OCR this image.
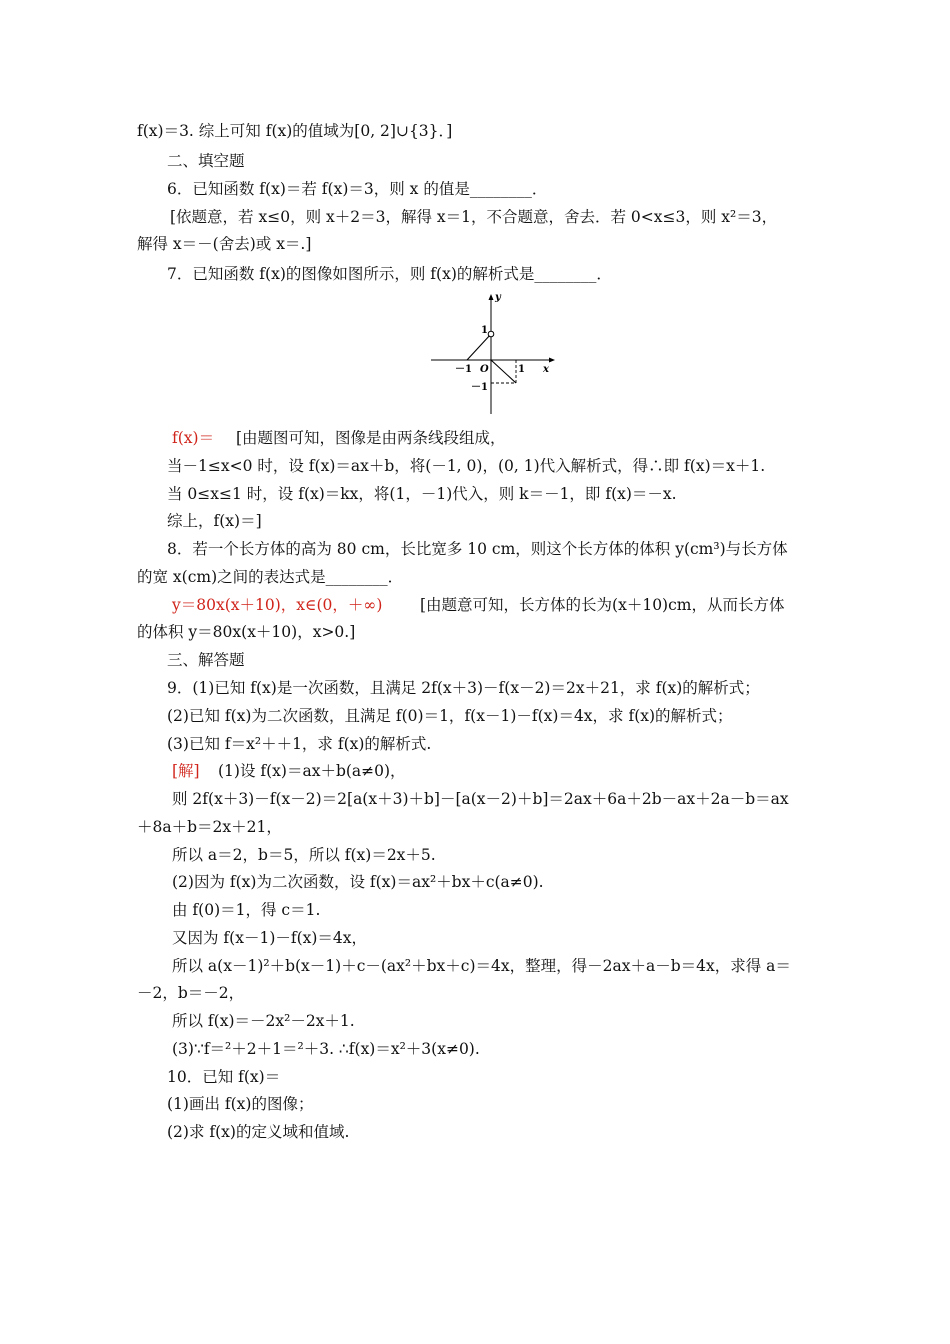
f(x)＝3. 综上可知 f(x)的值域为[0, 2]∪{3}．]
二、填空题
6．已知函数 f(x)＝若 f(x)＝3，则 x 的值是________．
[依题意，若 x≤0，则 x＋2＝3，解得 x＝1，不合题意，舍去．若 0<x≤3，则 x²＝3，
解得 x＝－(舍去)或 x＝.]
7．已知函数 f(x)的图像如图所示，则 f(x)的解析式是________．
y
x
1
－1 O	1
－1
f(x)＝ [由题图可知，图像是由两条线段组成，
当－1≤x<0 时，设 f(x)＝ax＋b，将(－1, 0)，(0, 1)代入解析式，得∴即 f(x)＝x＋1.
当 0≤x≤1 时，设 f(x)＝kx，将(1，－1)代入，则 k＝－1，即 f(x)＝－x.
综上，f(x)＝]
8．若一个长方体的高为 80 cm，长比宽多 10 cm，则这个长方体的体积 y(cm³)与长方体
的宽 x(cm)之间的表达式是________．
y＝80x(x＋10)，x∈(0，＋∞) [由题意可知，长方体的长为(x＋10)cm，从而长方体
的体积 y＝80x(x＋10)，x>0.]
三、解答题
9．(1)已知 f(x)是一次函数，且满足 2f(x＋3)－f(x－2)＝2x＋21，求 f(x)的解析式；
(2)已知 f(x)为二次函数，且满足 f(0)＝1，f(x－1)－f(x)＝4x，求 f(x)的解析式；
(3)已知 f＝x²＋＋1，求 f(x)的解析式.
[解] (1)设 f(x)＝ax＋b(a≠0)，
则 2f(x＋3)－f(x－2)＝2[a(x＋3)＋b]－[a(x－2)＋b]＝2ax＋6a＋2b－ax＋2a－b＝ax
＋8a＋b＝2x＋21，
所以 a＝2，b＝5，所以 f(x)＝2x＋5.
(2)因为 f(x)为二次函数，设 f(x)＝ax²＋bx＋c(a≠0).
由 f(0)＝1，得 c＝1.
又因为 f(x－1)－f(x)＝4x，
所以 a(x－1)²＋b(x－1)＋c－(ax²＋bx＋c)＝4x，整理，得－2ax＋a－b＝4x，求得 a＝
－2，b＝－2，
所以 f(x)＝－2x²－2x＋1.
(3)∵f＝²＋2＋1＝²＋3. ∴f(x)＝x²＋3(x≠0).
10．已知 f(x)＝
(1)画出 f(x)的图像；
(2)求 f(x)的定义域和值域.
